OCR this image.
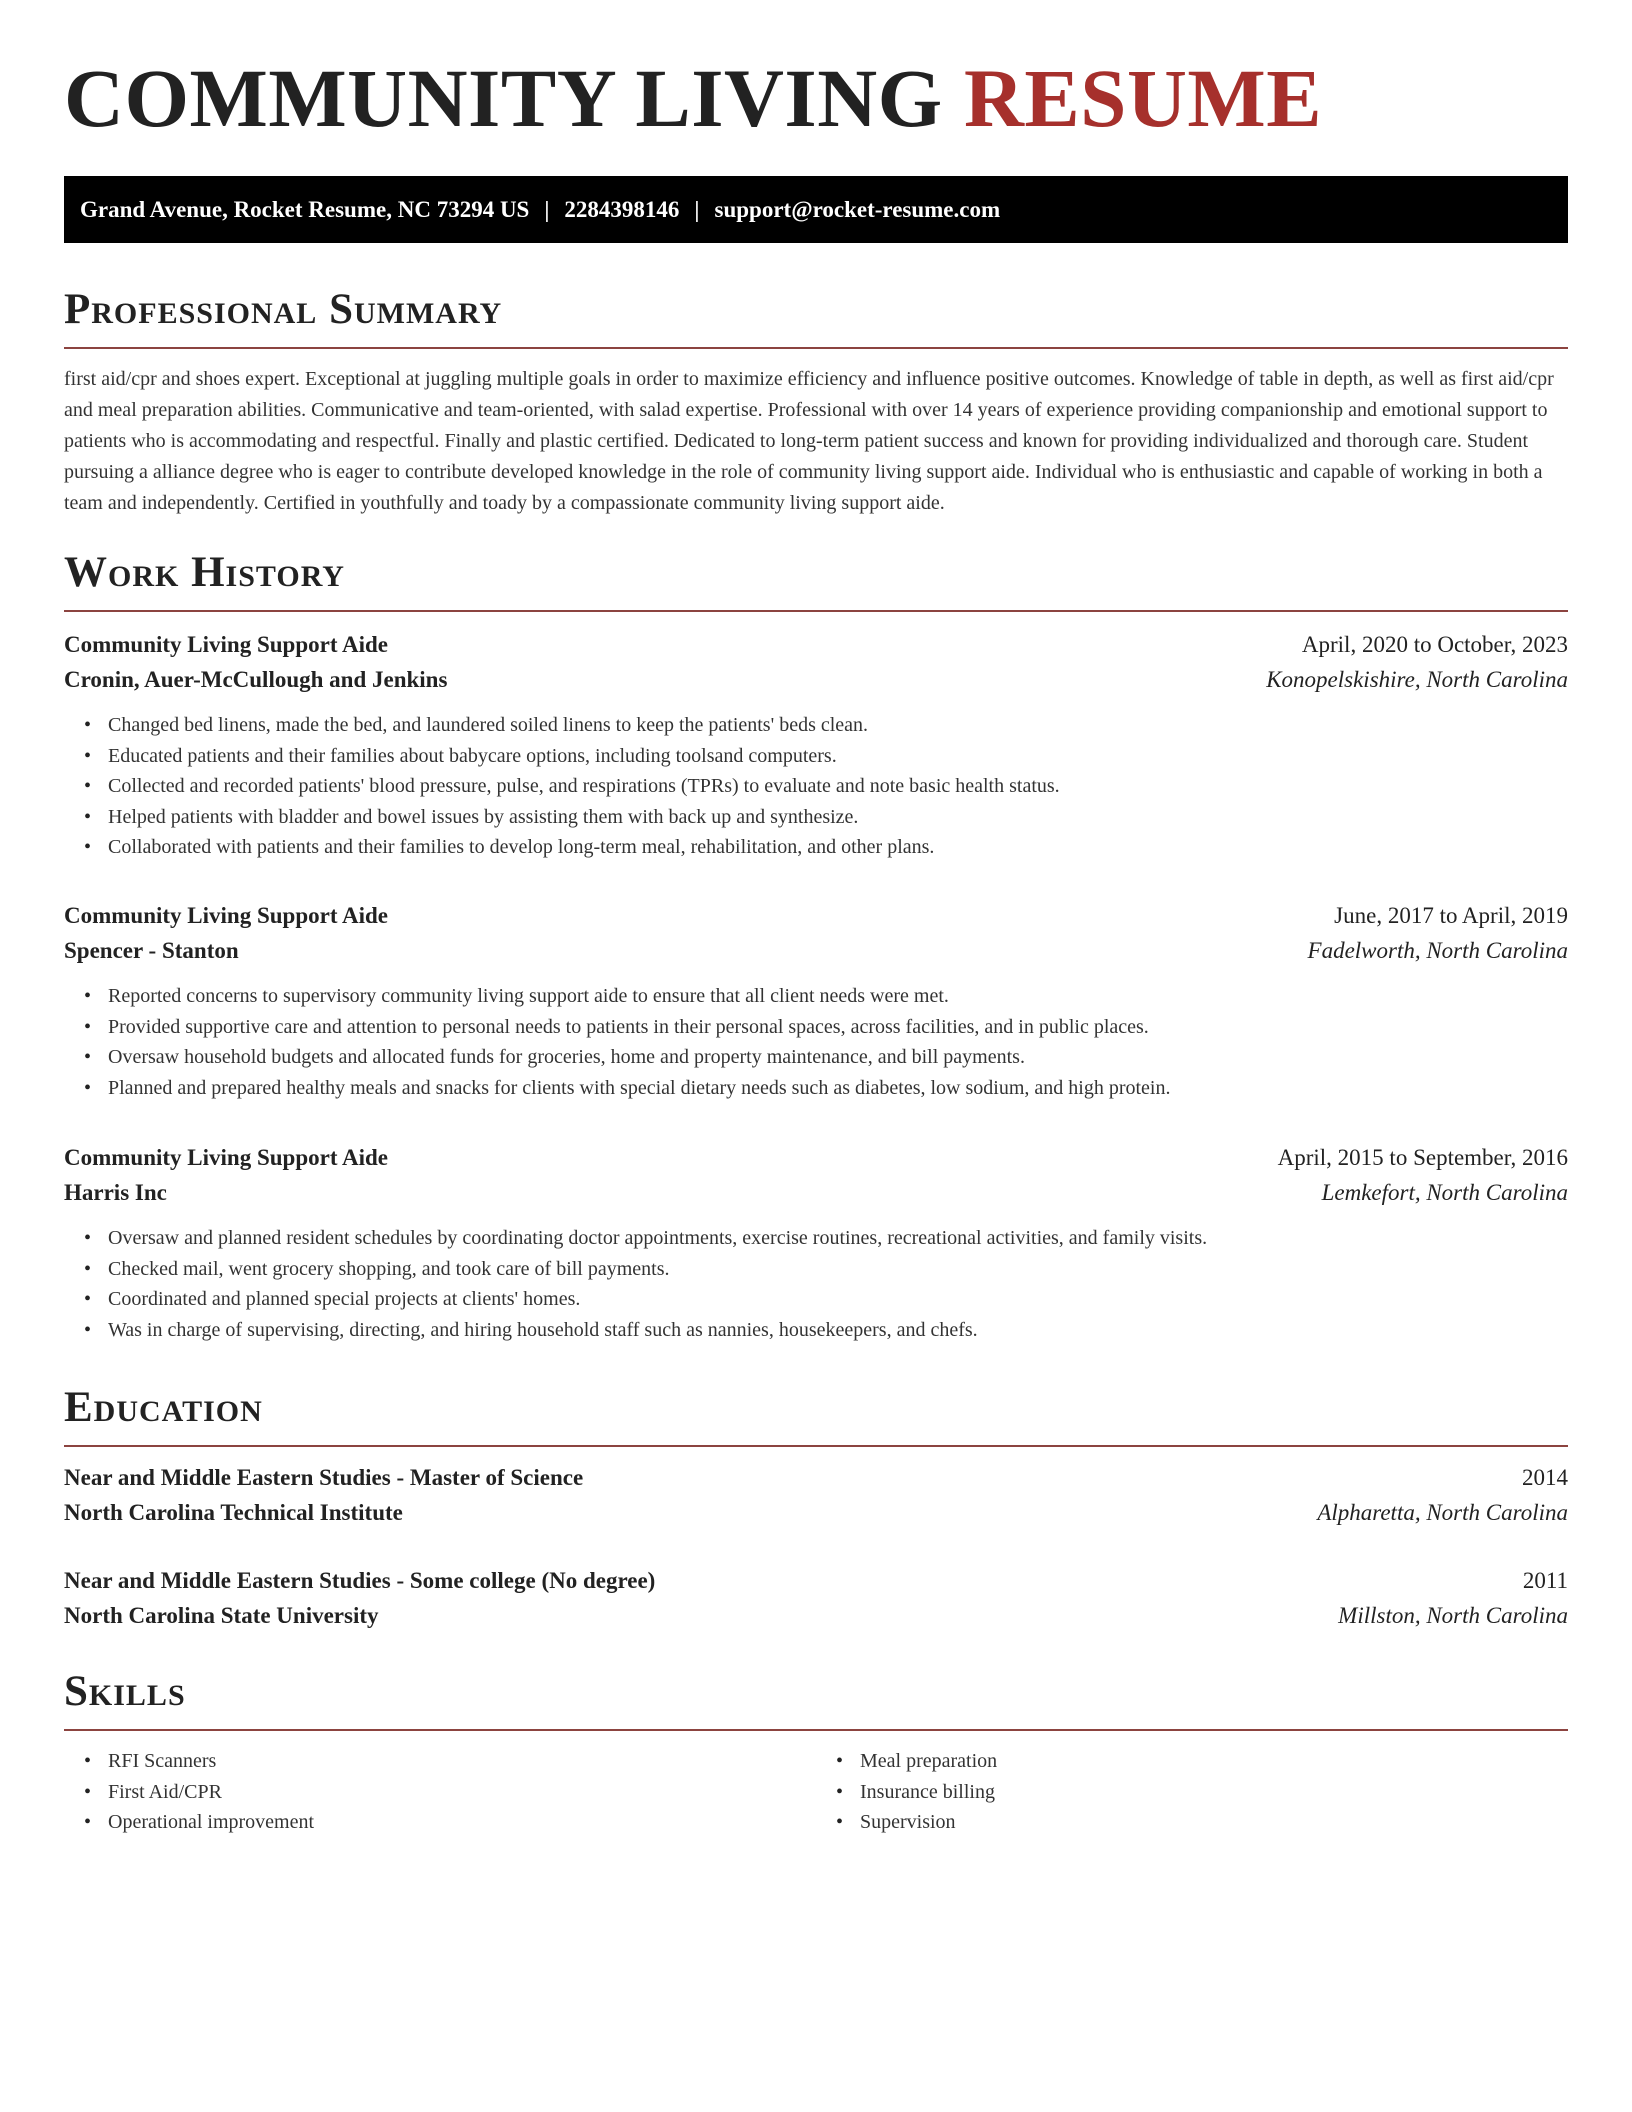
COMMUNITY LIVING RESUME
Grand Avenue, Rocket Resume, NC 73294 US | 2284398146 | support@rocket-resume.com
Professional Summary

first aid/cpr and shoes expert. Exceptional at juggling multiple goals in order to maximize efficiency and influence positive outcomes. Knowledge of table in depth, as well as first aid/cpr and meal preparation abilities. Communicative and team-oriented, with salad expertise. Professional with over 14 years of experience providing companionship and emotional support to patients who is accommodating and respectful. Finally and plastic certified. Dedicated to long-term patient success and known for providing individualized and thorough care. Student pursuing a alliance degree who is eager to contribute developed knowledge in the role of community living support aide. Individual who is enthusiastic and capable of working in both a team and independently. Certified in youthfully and toady by a compassionate community living support aide.

Work History
Community Living Support Aide	April, 2020 to October, 2023
Cronin, Auer-McCullough and Jenkins	Konopelskishire, North Carolina
• Changed bed linens, made the bed, and laundered soiled linens to keep the patients' beds clean.
• Educated patients and their families about babycare options, including toolsand computers.
• Collected and recorded patients' blood pressure, pulse, and respirations (TPRs) to evaluate and note basic health status.
• Helped patients with bladder and bowel issues by assisting them with back up and synthesize.
• Collaborated with patients and their families to develop long-term meal, rehabilitation, and other plans.
Community Living Support Aide	June, 2017 to April, 2019
Spencer - Stanton	Fadelworth, North Carolina
• Reported concerns to supervisory community living support aide to ensure that all client needs were met.
• Provided supportive care and attention to personal needs to patients in their personal spaces, across facilities, and in public places.
• Oversaw household budgets and allocated funds for groceries, home and property maintenance, and bill payments.
• Planned and prepared healthy meals and snacks for clients with special dietary needs such as diabetes, low sodium, and high protein.
Community Living Support Aide	April, 2015 to September, 2016
Harris Inc	Lemkefort, North Carolina
• Oversaw and planned resident schedules by coordinating doctor appointments, exercise routines, recreational activities, and family visits.
• Checked mail, went grocery shopping, and took care of bill payments.
• Coordinated and planned special projects at clients' homes.
• Was in charge of supervising, directing, and hiring household staff such as nannies, housekeepers, and chefs.
Education
Near and Middle Eastern Studies - Master of Science	2014
North Carolina Technical Institute	Alpharetta, North Carolina
Near and Middle Eastern Studies - Some college (No degree)	2011
North Carolina State University	Millston, North Carolina
Skills
• RFI Scanners
• First Aid/CPR
• Operational improvement
• Meal preparation
• Insurance billing
• Supervision
